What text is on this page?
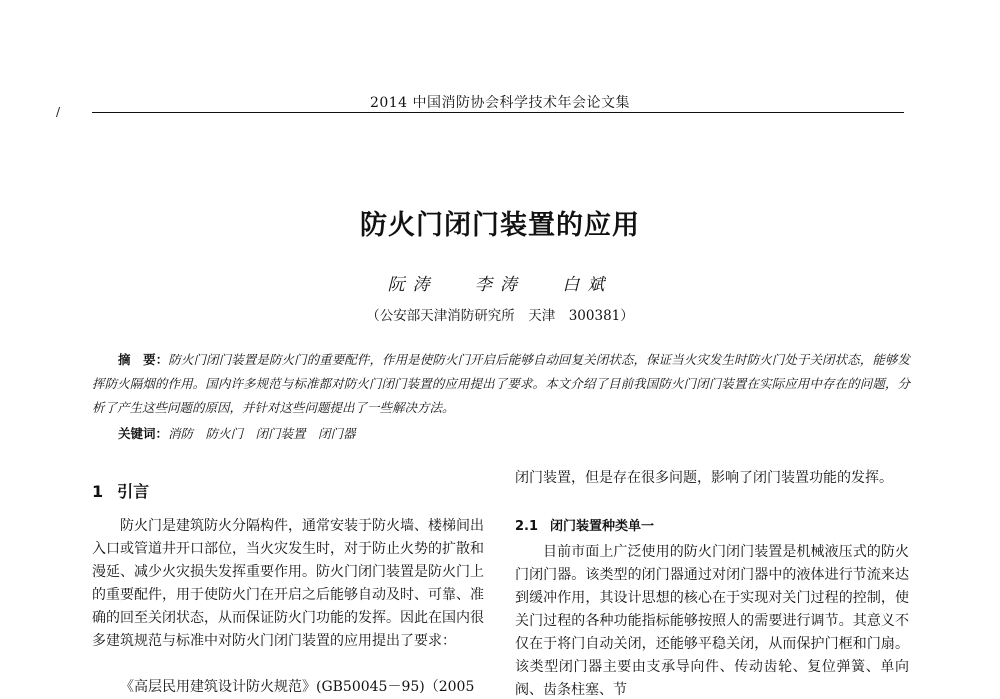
/
2014 中国消防协会科学技术年会论文集
防火门闭门装置的应用
阮涛 李涛 白斌
（公安部天津消防研究所　天津　300381）
摘　要：防火门闭门装置是防火门的重要配件，作用是使防火门开启后能够自动回复关闭状态，保证当火灾发生时防火门处于关闭状态，能够发挥防火隔烟的作用。国内许多规范与标准都对防火门闭门装置的应用提出了要求。本文介绍了目前我国防火门闭门装置在实际应用中存在的问题，分析了产生这些问题的原因，并针对这些问题提出了一些解决方法。
关键词：消防　防火门　闭门装置　闭门器
1 引言
防火门是建筑防火分隔构件，通常安装于防火墙、楼梯间出入口或管道井开口部位，当火灾发生时，对于防止火势的扩散和漫延、减少火灾损失发挥重要作用。防火门闭门装置是防火门上的重要配件，用于使防火门在开启之后能够自动及时、可靠、准确的回至关闭状态，从而保证防火门功能的发挥。因此在国内很多建筑规范与标准中对防火门闭门装置的应用提出了要求：
《高层民用建筑设计防火规范》(GB50045－95)（2005
闭门装置，但是存在很多问题，影响了闭门装置功能的发挥。
2.1 闭门装置种类单一
目前市面上广泛使用的防火门闭门装置是机械液压式的防火门闭门器。该类型的闭门器通过对闭门器中的液体进行节流来达到缓冲作用，其设计思想的核心在于实现对关门过程的控制，使关门过程的各种功能指标能够按照人的需要进行调节。其意义不仅在于将门自动关闭，还能够平稳关闭，从而保护门框和门扇。该类型闭门器主要由支承导向件、传动齿轮、复位弹簧、单向阀、齿条柱塞、节
